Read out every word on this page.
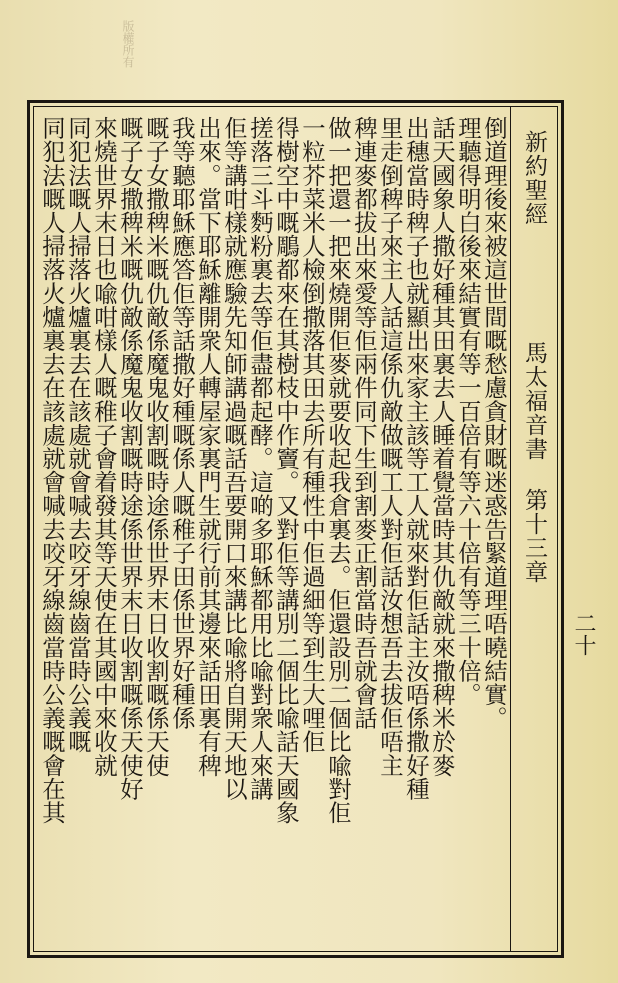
版權所有
新約聖經
馬太福音書
第十三章
二十
倒道理後來被這世間嘅愁慮貪財嘅迷惑告緊道理唔曉結實。
理聽得明白後來結實有等一百倍有等六十倍有等三十倍。
話天國象人撒好種其田裏去人睡着覺當時其仇敵就來撒稗米於麥
出穗當時稗子也就顯出來家主該等工人就來對佢話主汝唔係撒好種
里走倒稗子來主人話這係仇敵做嘅工人對佢話汝想吾去拔佢唔主
稗連麥都拔出來愛等佢兩件同下生到割麥正割當時吾就會話
做一把還一把來燒開佢麥就要收起我倉裏去。佢還設別二個比喩對佢
一粒芥菜米人檢倒撒落其田去所有種性中佢過細等到生大哩佢
得樹空中嘅鵰都來在其樹枝中作竇。又對佢等講別二個比喩話天國象
搓落三斗麪粉裏去等佢盡都起酵。這啲多耶穌都用比喩對衆人來講
佢等講咁樣就應驗先知師講過嘅話吾要開口來講比喩將自開天地以
出來。當下耶穌離開衆人轉屋家裏門生就行前其邊來話田裏有稗
我等聽耶穌應答佢等話撒好種嘅係人嘅稚子田係世界好種係
嘅子女撒稗米嘅仇敵係魔鬼收割嘅時途係世界末日收割嘅係天使
嘅子女撒稗米嘅仇敵係魔鬼收割嘅時途係世界末日收割嘅係天使好
來燒世界末日也喩咁樣人嘅稚子會着發其等天使在其國中來收就
同犯法嘅人掃落火爐裏去在該處就會喊去咬牙線齒當時公義嘅
同犯法嘅人掃落火爐裏去在該處就會喊去咬牙線齒當時公義嘅會在其
